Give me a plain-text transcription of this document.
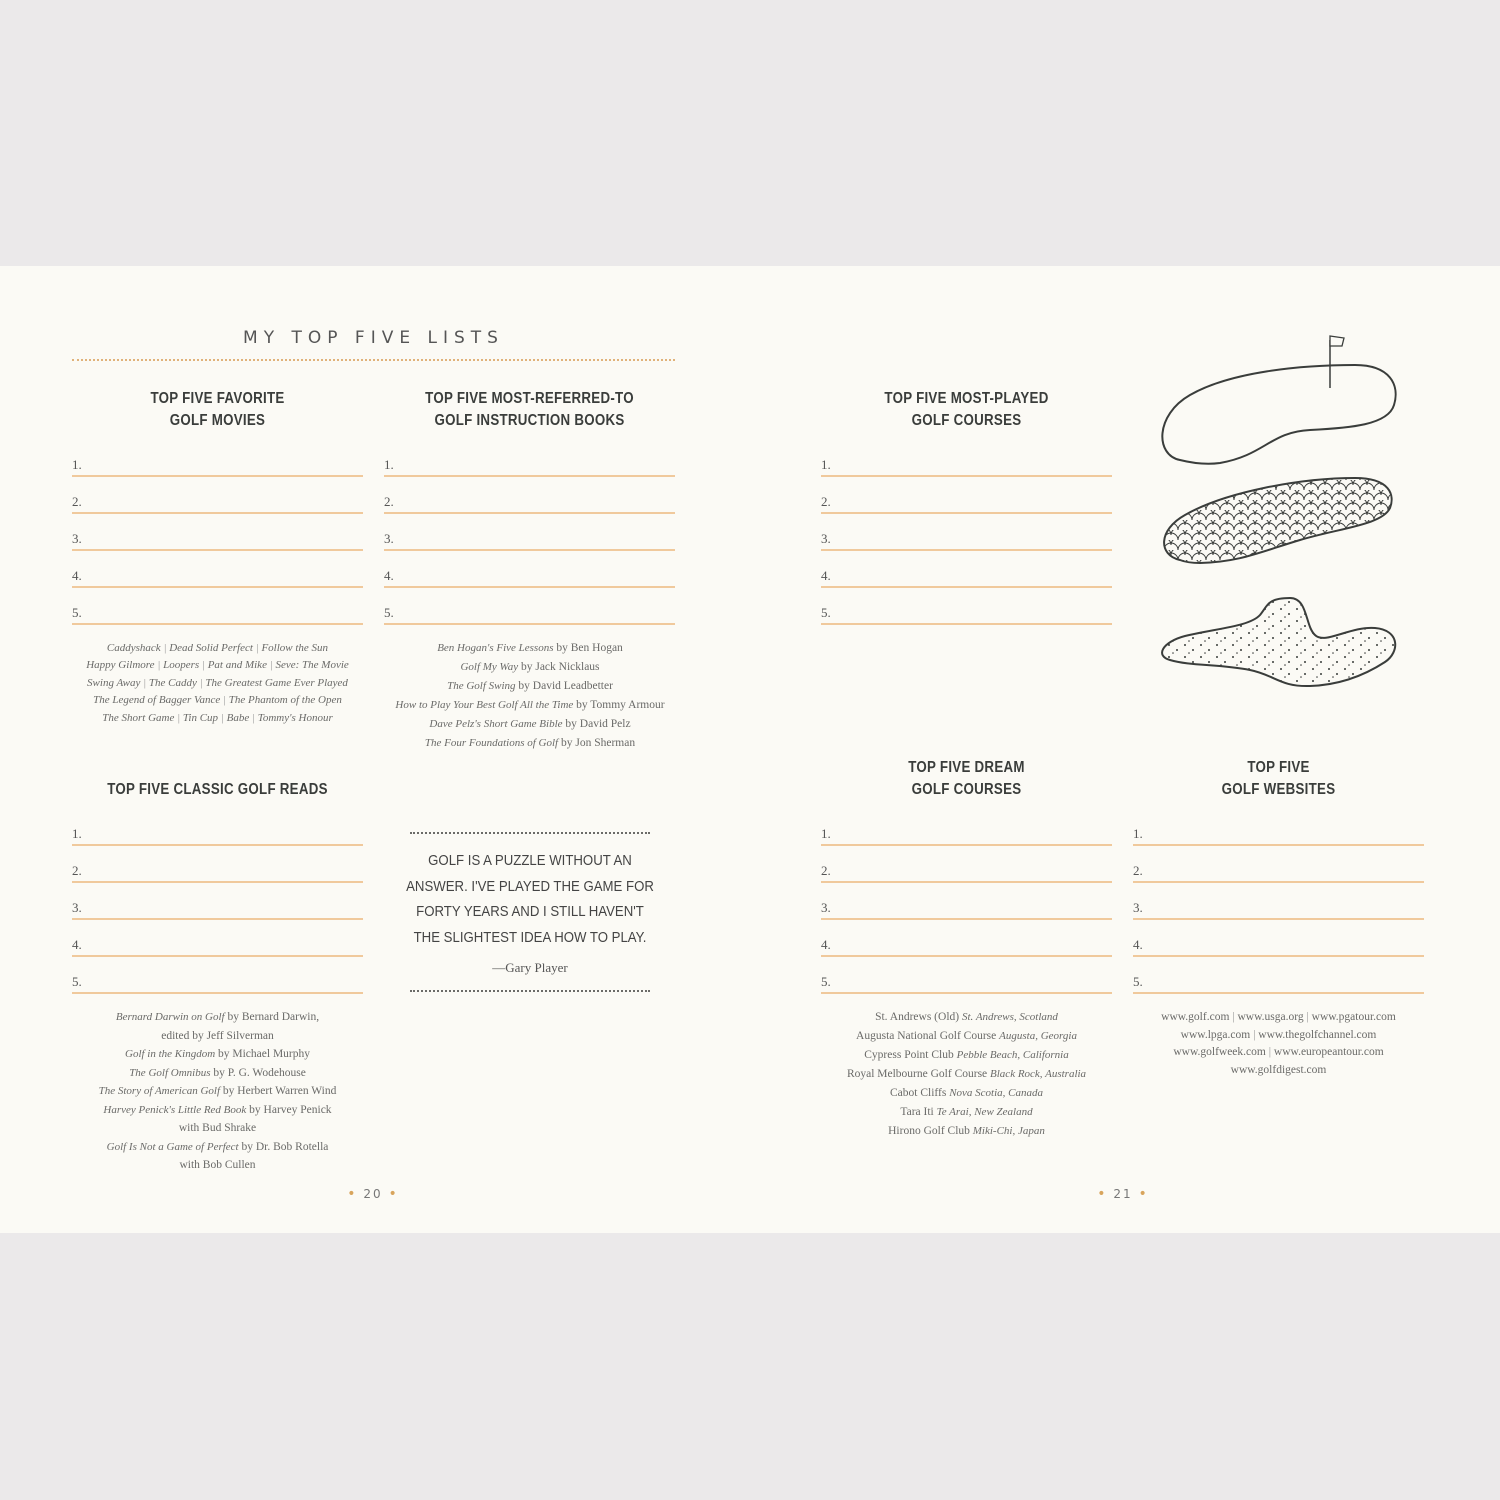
MY TOP FIVE LISTS
TOP FIVE FAVORITE
GOLF MOVIES
1.
2.
3.
4.
5.
Caddyshack | Dead Solid Perfect | Follow the Sun
Happy Gilmore | Loopers | Pat and Mike | Seve: The Movie
Swing Away | The Caddy | The Greatest Game Ever Played
The Legend of Bagger Vance | The Phantom of the Open
The Short Game | Tin Cup | Babe | Tommy's Honour
TOP FIVE MOST-REFERRED-TO
GOLF INSTRUCTION BOOKS
1.
2.
3.
4.
5.
Ben Hogan's Five Lessons by Ben Hogan
Golf My Way by Jack Nicklaus
The Golf Swing by David Leadbetter
How to Play Your Best Golf All the Time by Tommy Armour
Dave Pelz's Short Game Bible by David Pelz
The Four Foundations of Golf by Jon Sherman
TOP FIVE CLASSIC GOLF READS
1.
2.
3.
4.
5.
Bernard Darwin on Golf by Bernard Darwin,
edited by Jeff Silverman
Golf in the Kingdom by Michael Murphy
The Golf Omnibus by P. G. Wodehouse
The Story of American Golf by Herbert Warren Wind
Harvey Penick's Little Red Book by Harvey Penick
with Bud Shrake
Golf Is Not a Game of Perfect by Dr. Bob Rotella
with Bob Cullen
GOLF IS A PUZZLE WITHOUT AN
ANSWER. I'VE PLAYED THE GAME FOR
FORTY YEARS AND I STILL HAVEN'T
THE SLIGHTEST IDEA HOW TO PLAY.
—Gary Player
• 20 •
TOP FIVE MOST-PLAYED
GOLF COURSES
1.
2.
3.
4.
5.
TOP FIVE DREAM
GOLF COURSES
1.
2.
3.
4.
5.
St. Andrews (Old) St. Andrews, Scotland
Augusta National Golf Course Augusta, Georgia
Cypress Point Club Pebble Beach, California
Royal Melbourne Golf Course Black Rock, Australia
Cabot Cliffs Nova Scotia, Canada
Tara Iti Te Arai, New Zealand
Hirono Golf Club Miki-Chi, Japan
TOP FIVE
GOLF WEBSITES
1.
2.
3.
4.
5.
www.golf.com | www.usga.org | www.pgatour.com
www.lpga.com | www.thegolfchannel.com
www.golfweek.com | www.europeantour.com
www.golfdigest.com
• 21 •
